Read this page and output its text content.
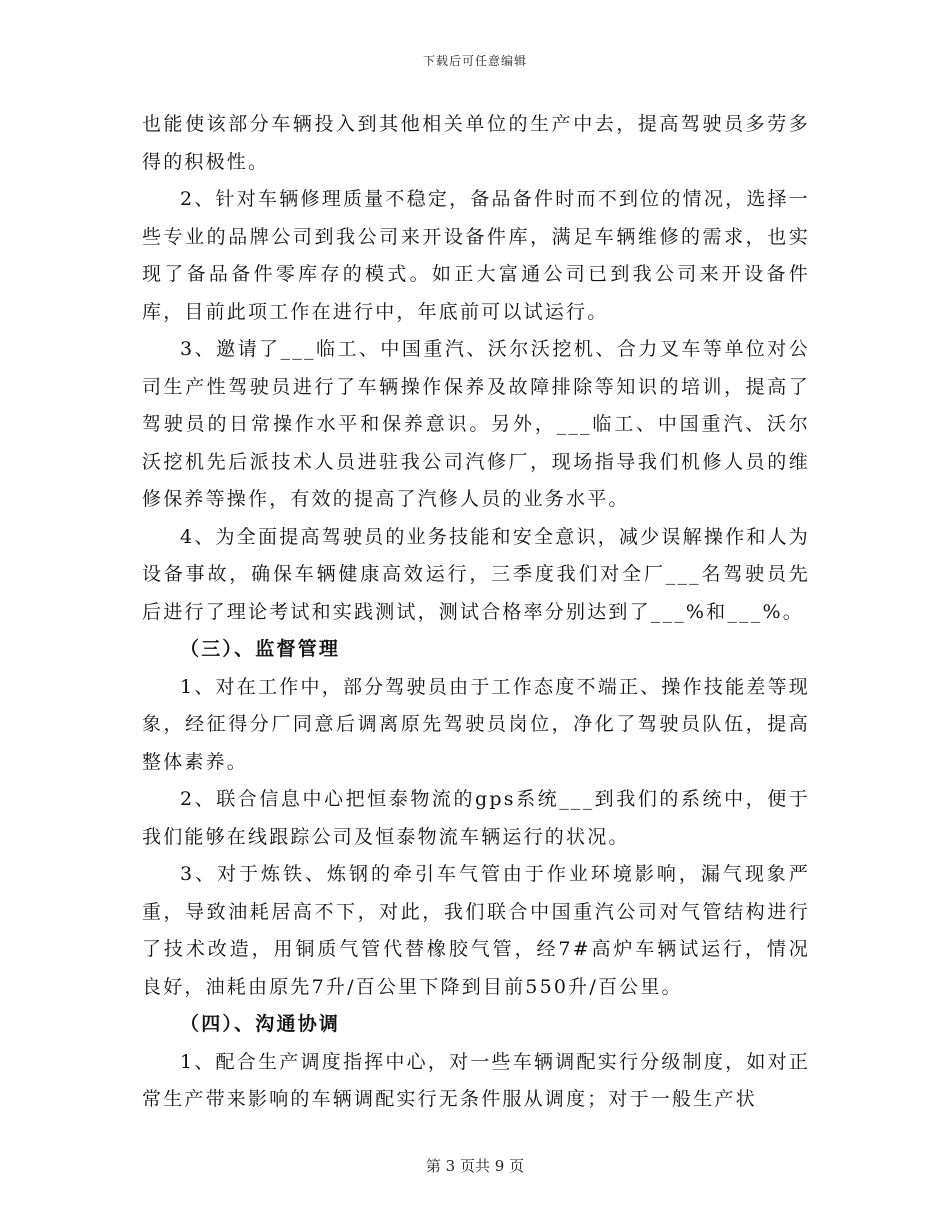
下载后可任意编辑

也能使该部分车辆投入到其他相关单位的生产中去，提高驾驶员多劳多得的积极性。

2、针对车辆修理质量不稳定，备品备件时而不到位的情况，选择一些专业的品牌公司到我公司来开设备件库，满足车辆维修的需求，也实现了备品备件零库存的模式。如正大富通公司已到我公司来开设备件库，目前此项工作在进行中，年底前可以试运行。

3、邀请了___临工、中国重汽、沃尔沃挖机、合力叉车等单位对公司生产性驾驶员进行了车辆操作保养及故障排除等知识的培训，提高了驾驶员的日常操作水平和保养意识。另外，___临工、中国重汽、沃尔沃挖机先后派技术人员进驻我公司汽修厂，现场指导我们机修人员的维修保养等操作，有效的提高了汽修人员的业务水平。

4、为全面提高驾驶员的业务技能和安全意识，减少误解操作和人为设备事故，确保车辆健康高效运行，三季度我们对全厂___名驾驶员先后进行了理论考试和实践测试，测试合格率分别达到了___%和___%。

（三）、监督管理

1、对在工作中，部分驾驶员由于工作态度不端正、操作技能差等现象，经征得分厂同意后调离原先驾驶员岗位，净化了驾驶员队伍，提高整体素养。

2、联合信息中心把恒泰物流的gps系统___到我们的系统中，便于我们能够在线跟踪公司及恒泰物流车辆运行的状况。

3、对于炼铁、炼钢的牵引车气管由于作业环境影响，漏气现象严重，导致油耗居高不下，对此，我们联合中国重汽公司对气管结构进行了技术改造，用铜质气管代替橡胶气管，经7#高炉车辆试运行，情况良好，油耗由原先7升/百公里下降到目前550升/百公里。

（四）、沟通协调

1、配合生产调度指挥中心，对一些车辆调配实行分级制度，如对正常生产带来影响的车辆调配实行无条件服从调度；对于一般生产状

第 3 页共 9 页
